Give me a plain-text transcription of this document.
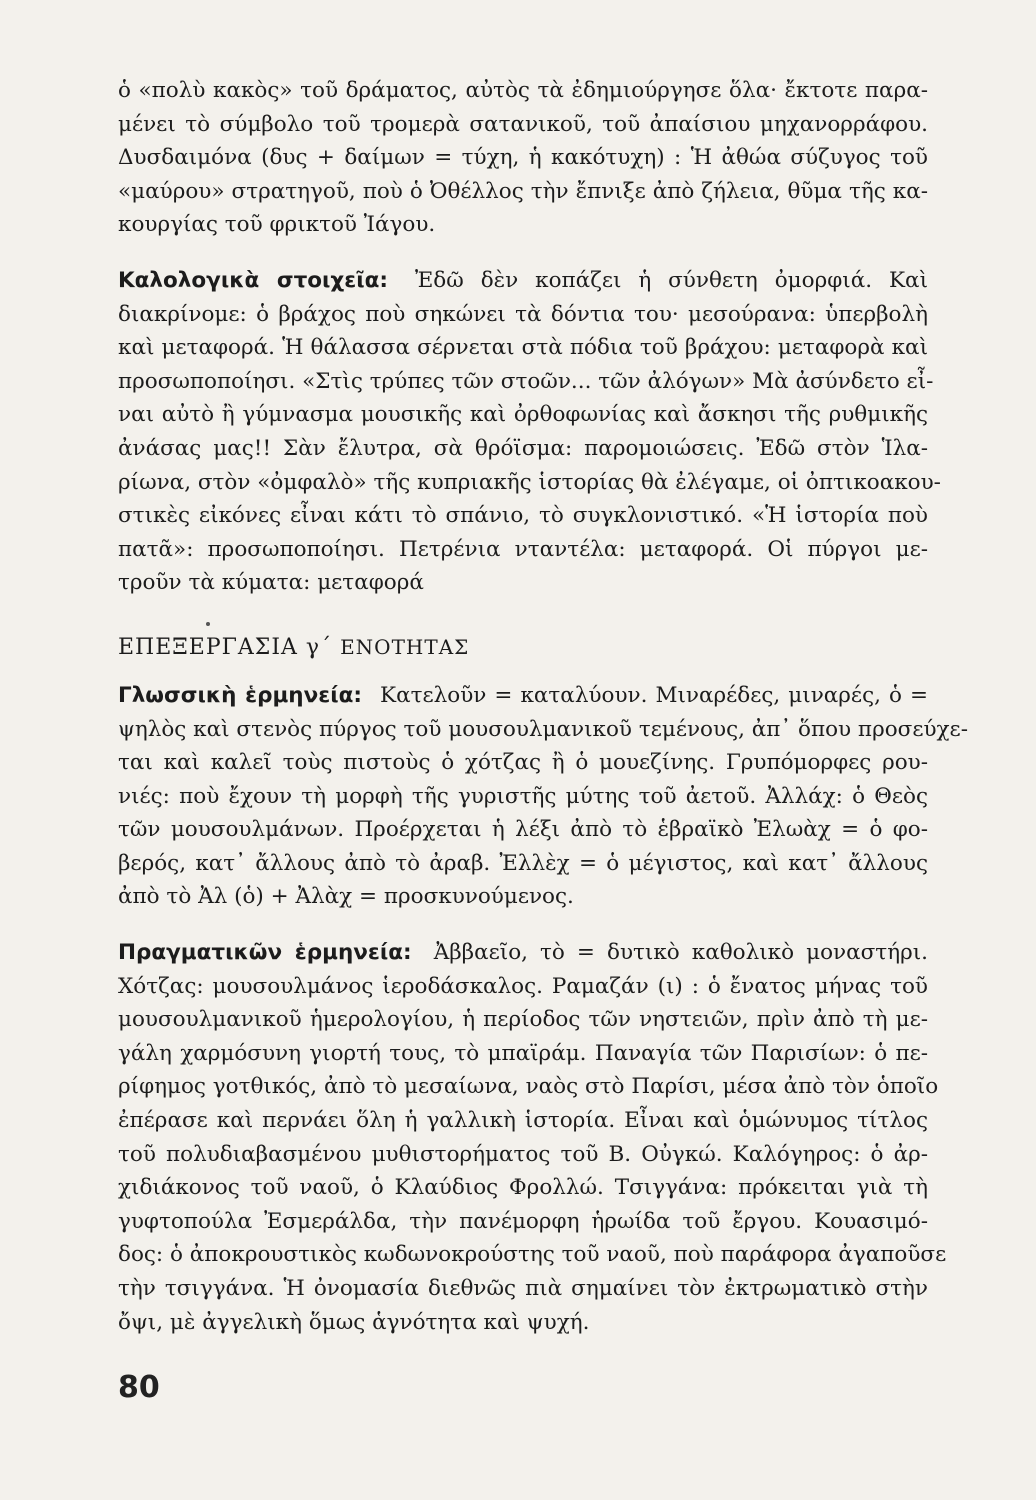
ὁ «πολὺ κακὸς» τοῦ δράματος, αὐτὸς τὰ ἐδημιούργησε ὅλα· ἔκτοτε παρα-
μένει τὸ σύμβολο τοῦ τρομερὰ σατανικοῦ, τοῦ ἀπαίσιου μηχανορράφου.
Δυσδαιμόνα (δυς + δαίμων = τύχη, ἡ κακότυχη) : Ἡ ἀθώα σύζυγος τοῦ
«μαύρου» στρατηγοῦ, ποὺ ὁ Ὀθέλλος τὴν ἔπνιξε ἀπὸ ζήλεια, θῦμα τῆς κα-
κουργίας τοῦ φρικτοῦ Ἰάγου.
Καλολογικὰ στοιχεῖα: Ἐδῶ δὲν κοπάζει ἡ σύνθετη ὀμορφιά. Καὶ
διακρίνομε: ὁ βράχος ποὺ σηκώνει τὰ δόντια του· μεσούρανα: ὑπερβολὴ
καὶ μεταφορά. Ἡ θάλασσα σέρνεται στὰ πόδια τοῦ βράχου: μεταφορὰ καὶ
προσωποποίησι. «Στὶς τρύπες τῶν στοῶν... τῶν ἀλόγων» Μὰ ἀσύνδετο εἶ-
ναι αὐτὸ ἢ γύμνασμα μουσικῆς καὶ ὀρθοφωνίας καὶ ἄσκησι τῆς ρυθμικῆς
ἀνάσας μας!! Σὰν ἔλυτρα, σὰ θρόϊσμα: παρομοιώσεις. Ἐδῶ στὸν Ἱλα-
ρίωνα, στὸν «ὀμφαλὸ» τῆς κυπριακῆς ἱστορίας θὰ ἐλέγαμε, οἱ ὀπτικοακου-
στικὲς εἰκόνες εἶναι κάτι τὸ σπάνιο, τὸ συγκλονιστικό. «Ἡ ἱστορία ποὺ
πατᾶ»: προσωποποίησι. Πετρένια νταντέλα: μεταφορά. Οἱ πύργοι με-
τροῦν τὰ κύματα: μεταφορά
ΕΠΕΞΕΡΓΑΣΙΑ γ΄ ΕΝΟΤΗΤΑΣ
Γλωσσικὴ ἑρμηνεία: Κατελοῦν = καταλύουν. Μιναρέδες, μιναρές, ὁ =
ψηλὸς καὶ στενὸς πύργος τοῦ μουσουλμανικοῦ τεμένους, ἀπ᾽ ὅπου προσεύχε-
ται καὶ καλεῖ τοὺς πιστοὺς ὁ χότζας ἢ ὁ μουεζίνης. Γρυπόμορφες ρου-
νιές: ποὺ ἔχουν τὴ μορφὴ τῆς γυριστῆς μύτης τοῦ ἀετοῦ. Ἀλλάχ: ὁ Θεὸς
τῶν μουσουλμάνων. Προέρχεται ἡ λέξι ἀπὸ τὸ ἑβραϊκὸ Ἐλωὰχ = ὁ φο-
βερός, κατ᾽ ἄλλους ἀπὸ τὸ ἀραβ. Ἐλλὲχ = ὁ μέγιστος, καὶ κατ᾽ ἄλλους
ἀπὸ τὸ Ἀλ (ὁ) + Ἀλὰχ = προσκυνούμενος.
Πραγματικῶν ἑρμηνεία: Ἀββαεῖο, τὸ = δυτικὸ καθολικὸ μοναστήρι.
Χότζας: μουσουλμάνος ἱεροδάσκαλος. Ραμαζάν (ι) : ὁ ἔνατος μήνας τοῦ
μουσουλμανικοῦ ἡμερολογίου, ἡ περίοδος τῶν νηστειῶν, πρὶν ἀπὸ τὴ με-
γάλη χαρμόσυνη γιορτή τους, τὸ μπαϊράμ. Παναγία τῶν Παρισίων: ὁ πε-
ρίφημος γοτθικός, ἀπὸ τὸ μεσαίωνα, ναὸς στὸ Παρίσι, μέσα ἀπὸ τὸν ὁποῖο
ἐπέρασε καὶ περνάει ὅλη ἡ γαλλικὴ ἱστορία. Εἶναι καὶ ὁμώνυμος τίτλος
τοῦ πολυδιαβασμένου μυθιστορήματος τοῦ Β. Οὐγκώ. Καλόγηρος: ὁ ἀρ-
χιδιάκονος τοῦ ναοῦ, ὁ Κλαύδιος Φρολλώ. Τσιγγάνα: πρόκειται γιὰ τὴ
γυφτοπούλα Ἐσμεράλδα, τὴν πανέμορφη ἡρωίδα τοῦ ἔργου. Κουασιμό-
δος: ὁ ἀποκρουστικὸς κωδωνοκρούστης τοῦ ναοῦ, ποὺ παράφορα ἀγαποῦσε
τὴν τσιγγάνα. Ἡ ὀνομασία διεθνῶς πιὰ σημαίνει τὸν ἐκτρωματικὸ στὴν
ὄψι, μὲ ἀγγελικὴ ὅμως ἁγνότητα καὶ ψυχή.
80
